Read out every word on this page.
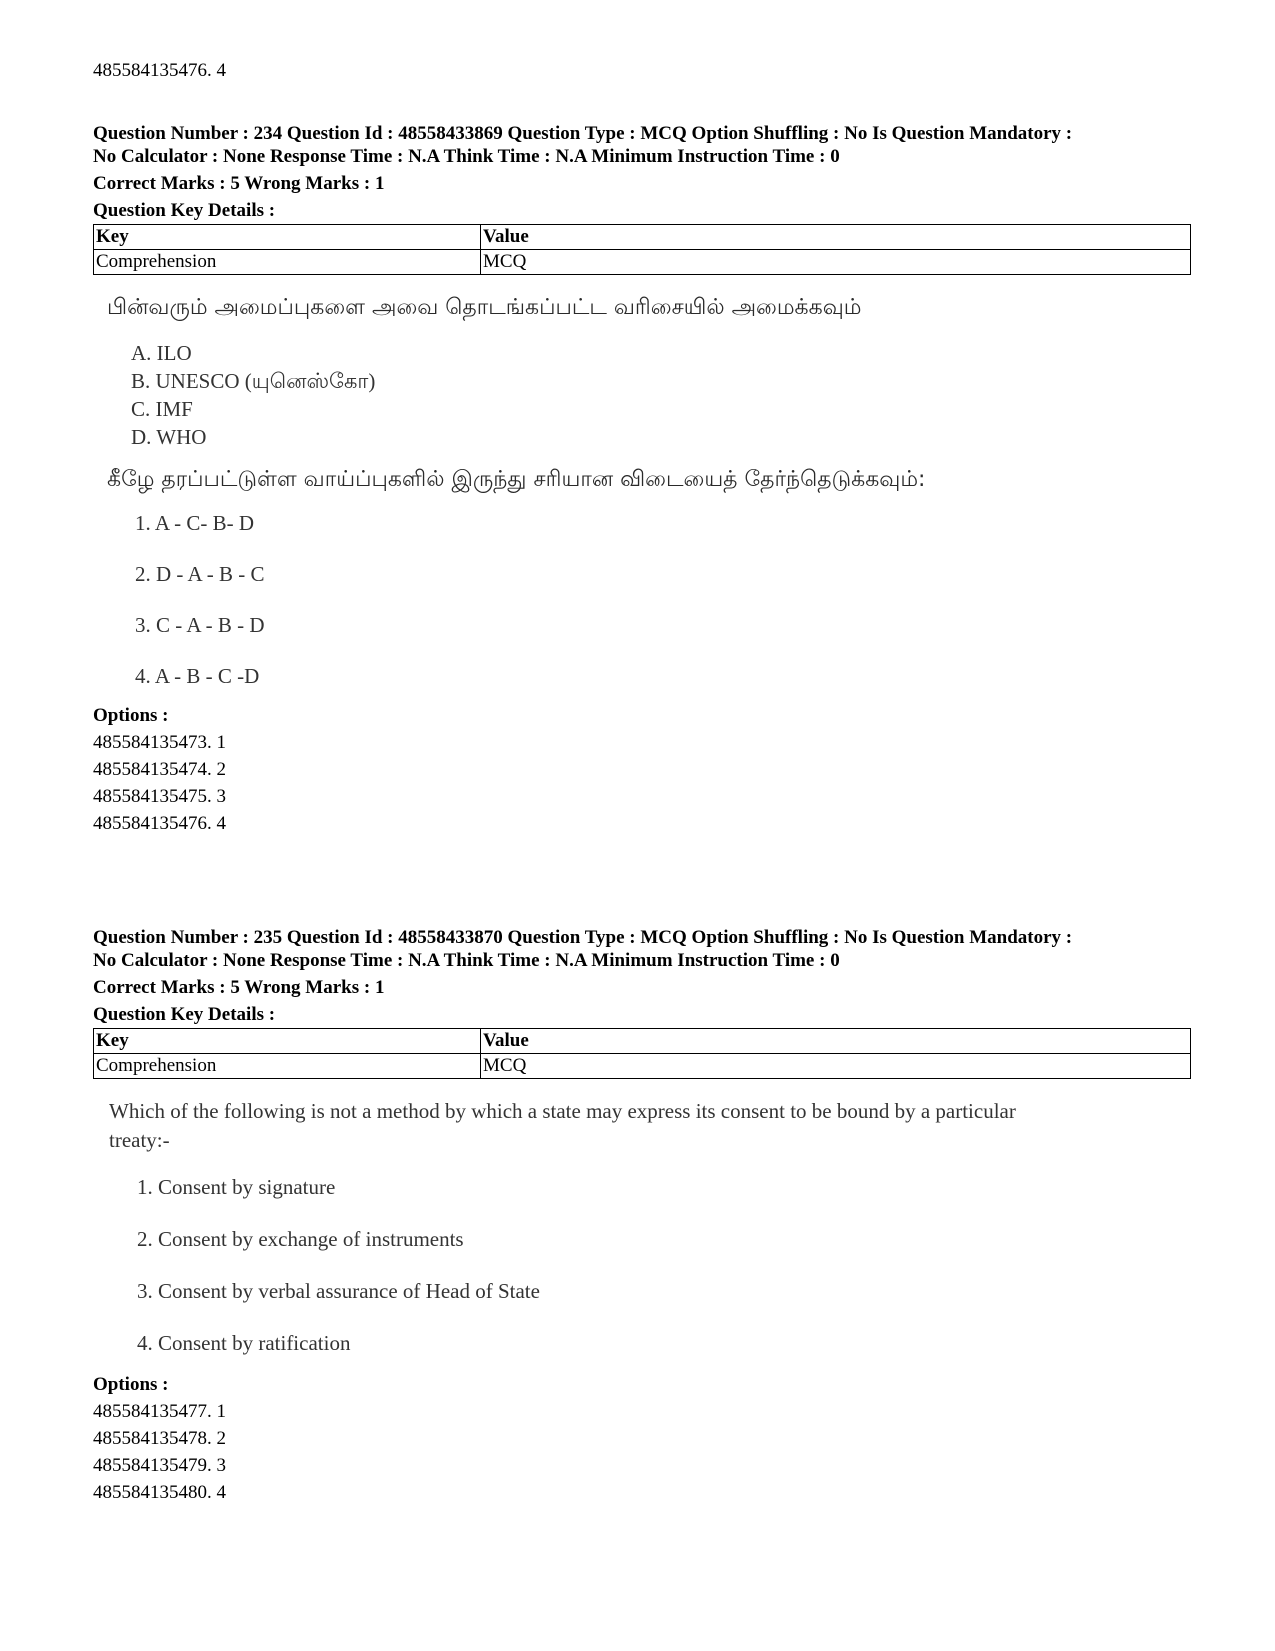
485584135476. 4
Question Number : 234 Question Id : 48558433869 Question Type : MCQ Option Shuffling : No Is Question Mandatory :
No Calculator : None Response Time : N.A Think Time : N.A Minimum Instruction Time : 0
Correct Marks : 5 Wrong Marks : 1
Question Key Details :
Key	Value
Comprehension	MCQ
பின்வரும் அமைப்புகளை அவை தொடங்கப்பட்ட வரிசையில் அமைக்கவும்
A. ILO
B. UNESCO (யுனெஸ்கோ)
C. IMF
D. WHO
கீழே தரப்பட்டுள்ள வாய்ப்புகளில் இருந்து சரியான விடையைத் தேர்ந்தெடுக்கவும்:
1. A - C- B- D
2. D - A - B - C
3. C - A - B - D
4. A - B - C -D
Options :
485584135473. 1
485584135474. 2
485584135475. 3
485584135476. 4
Question Number : 235 Question Id : 48558433870 Question Type : MCQ Option Shuffling : No Is Question Mandatory :
No Calculator : None Response Time : N.A Think Time : N.A Minimum Instruction Time : 0
Correct Marks : 5 Wrong Marks : 1
Question Key Details :
Key	Value
Comprehension	MCQ
Which of the following is not a method by which a state may express its consent to be bound by a particular
treaty:-
1. Consent by signature
2. Consent by exchange of instruments
3. Consent by verbal assurance of Head of State
4. Consent by ratification
Options :
485584135477. 1
485584135478. 2
485584135479. 3
485584135480. 4
